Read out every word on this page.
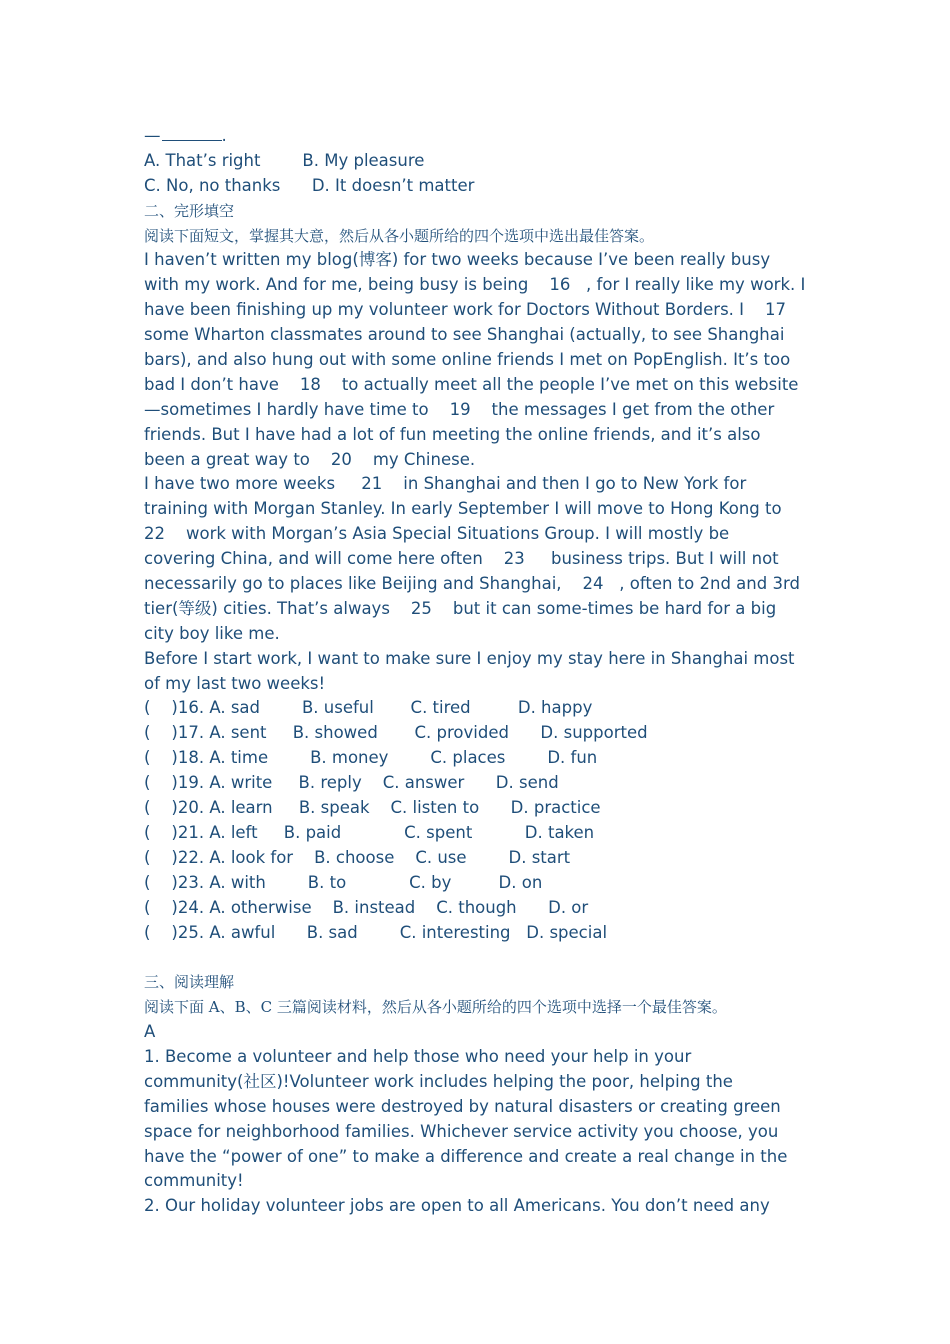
—	.
A. That’s right        B. My pleasure
C. No, no thanks      D. It doesn’t matter
二、完形填空
阅读下面短文，掌握其大意，然后从各小题所给的四个选项中选出最佳答案。
I haven’t written my blog(博客) for two weeks because I’ve been really busy
with my work. And for me, being busy is being    16   , for I really like my work. I
have been finishing up my volunteer work for Doctors Without Borders. I    17
some Wharton classmates around to see Shanghai (actually, to see Shanghai
bars), and also hung out with some online friends I met on PopEnglish. It’s too
bad I don’t have    18    to actually meet all the people I’ve met on this website
—sometimes I hardly have time to    19    the messages I get from the other
friends. But I have had a lot of fun meeting the online friends, and it’s also
been a great way to    20    my Chinese.
I have two more weeks     21    in Shanghai and then I go to New York for
training with Morgan Stanley. In early September I will move to Hong Kong to
22    work with Morgan’s Asia Special Situations Group. I will mostly be
covering China, and will come here often    23     business trips. But I will not
necessarily go to places like Beijing and Shanghai,    24   , often to 2nd and 3rd
tier(等级) cities. That’s always    25    but it can some-times be hard for a big
city boy like me.
Before I start work, I want to make sure I enjoy my stay here in Shanghai most
of my last two weeks!
(    )16. A. sad        B. useful       C. tired         D. happy
(    )17. A. sent     B. showed       C. provided      D. supported
(    )18. A. time        B. money        C. places        D. fun
(    )19. A. write     B. reply    C. answer      D. send
(    )20. A. learn     B. speak    C. listen to      D. practice
(    )21. A. left     B. paid            C. spent          D. taken
(    )22. A. look for    B. choose    C. use        D. start
(    )23. A. with        B. to            C. by         D. on
(    )24. A. otherwise    B. instead    C. though      D. or
(    )25. A. awful      B. sad        C. interesting   D. special
三、阅读理解
阅读下面 A、B、C 三篇阅读材料，然后从各小题所给的四个选项中选择一个最佳答案。
A
1. Become a volunteer and help those who need your help in your
community(社区)!Volunteer work includes helping the poor, helping the
families whose houses were destroyed by natural disasters or creating green
space for neighborhood families. Whichever service activity you choose, you
have the “power of one” to make a difference and create a real change in the
community!
2. Our holiday volunteer jobs are open to all Americans. You don’t need any
